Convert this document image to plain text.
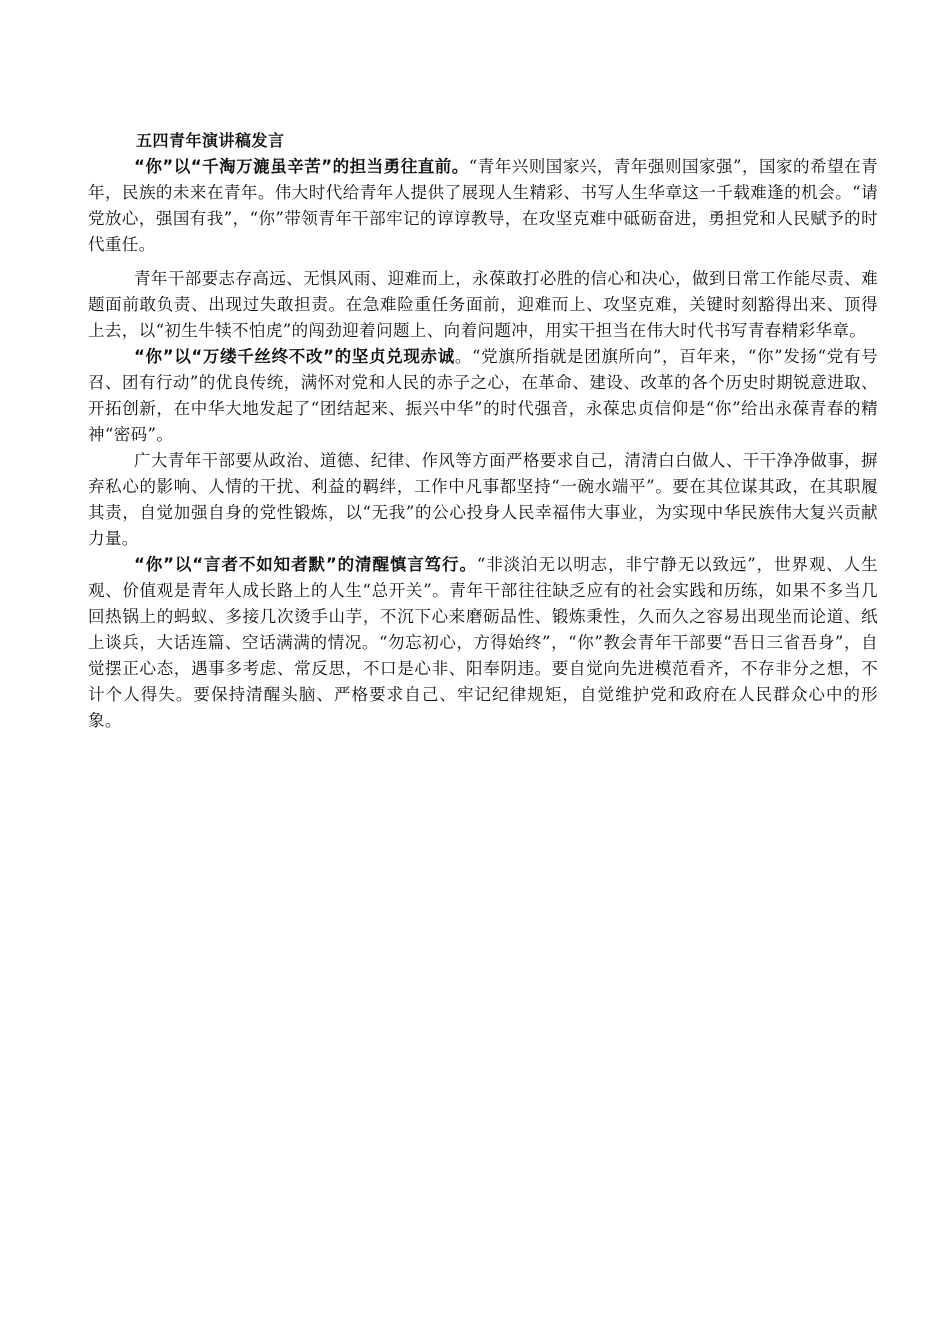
五四青年演讲稿发言

“你”以“千淘万漉虽辛苦”的担当勇往直前。“青年兴则国家兴，青年强则国家强”，国家的希望在青年，民族的未来在青年。伟大时代给青年人提供了展现人生精彩、书写人生华章这一千载难逢的机会。“请党放心，强国有我”，“你”带领青年干部牢记的谆谆教导，在攻坚克难中砥砺奋进，勇担党和人民赋予的时代重任。

青年干部要志存高远、无惧风雨、迎难而上，永葆敢打必胜的信心和决心，做到日常工作能尽责、难题面前敢负责、出现过失敢担责。在急难险重任务面前，迎难而上、攻坚克难，关键时刻豁得出来、顶得上去，以“初生牛犊不怕虎”的闯劲迎着问题上、向着问题冲，用实干担当在伟大时代书写青春精彩华章。

“你”以“万缕千丝终不改”的坚贞兑现赤诚。“党旗所指就是团旗所向”，百年来，“你”发扬“党有号召、团有行动”的优良传统，满怀对党和人民的赤子之心，在革命、建设、改革的各个历史时期锐意进取、开拓创新，在中华大地发起了“团结起来、振兴中华”的时代强音，永葆忠贞信仰是“你”给出永葆青春的精神“密码”。

广大青年干部要从政治、道德、纪律、作风等方面严格要求自己，清清白白做人、干干净净做事，摒弃私心的影响、人情的干扰、利益的羁绊，工作中凡事都坚持“一碗水端平”。要在其位谋其政，在其职履其责，自觉加强自身的党性锻炼，以“无我”的公心投身人民幸福伟大事业，为实现中华民族伟大复兴贡献力量。

“你”以“言者不如知者默”的清醒慎言笃行。“非淡泊无以明志，非宁静无以致远”，世界观、人生观、价值观是青年人成长路上的人生“总开关”。青年干部往往缺乏应有的社会实践和历练，如果不多当几回热锅上的蚂蚁、多接几次烫手山芋，不沉下心来磨砺品性、锻炼秉性，久而久之容易出现坐而论道、纸上谈兵，大话连篇、空话满满的情况。“勿忘初心，方得始终”，“你”教会青年干部要“吾日三省吾身”，自觉摆正心态，遇事多考虑、常反思，不口是心非、阳奉阴违。要自觉向先进模范看齐，不存非分之想，不计个人得失。要保持清醒头脑、严格要求自己、牢记纪律规矩，自觉维护党和政府在人民群众心中的形象。
